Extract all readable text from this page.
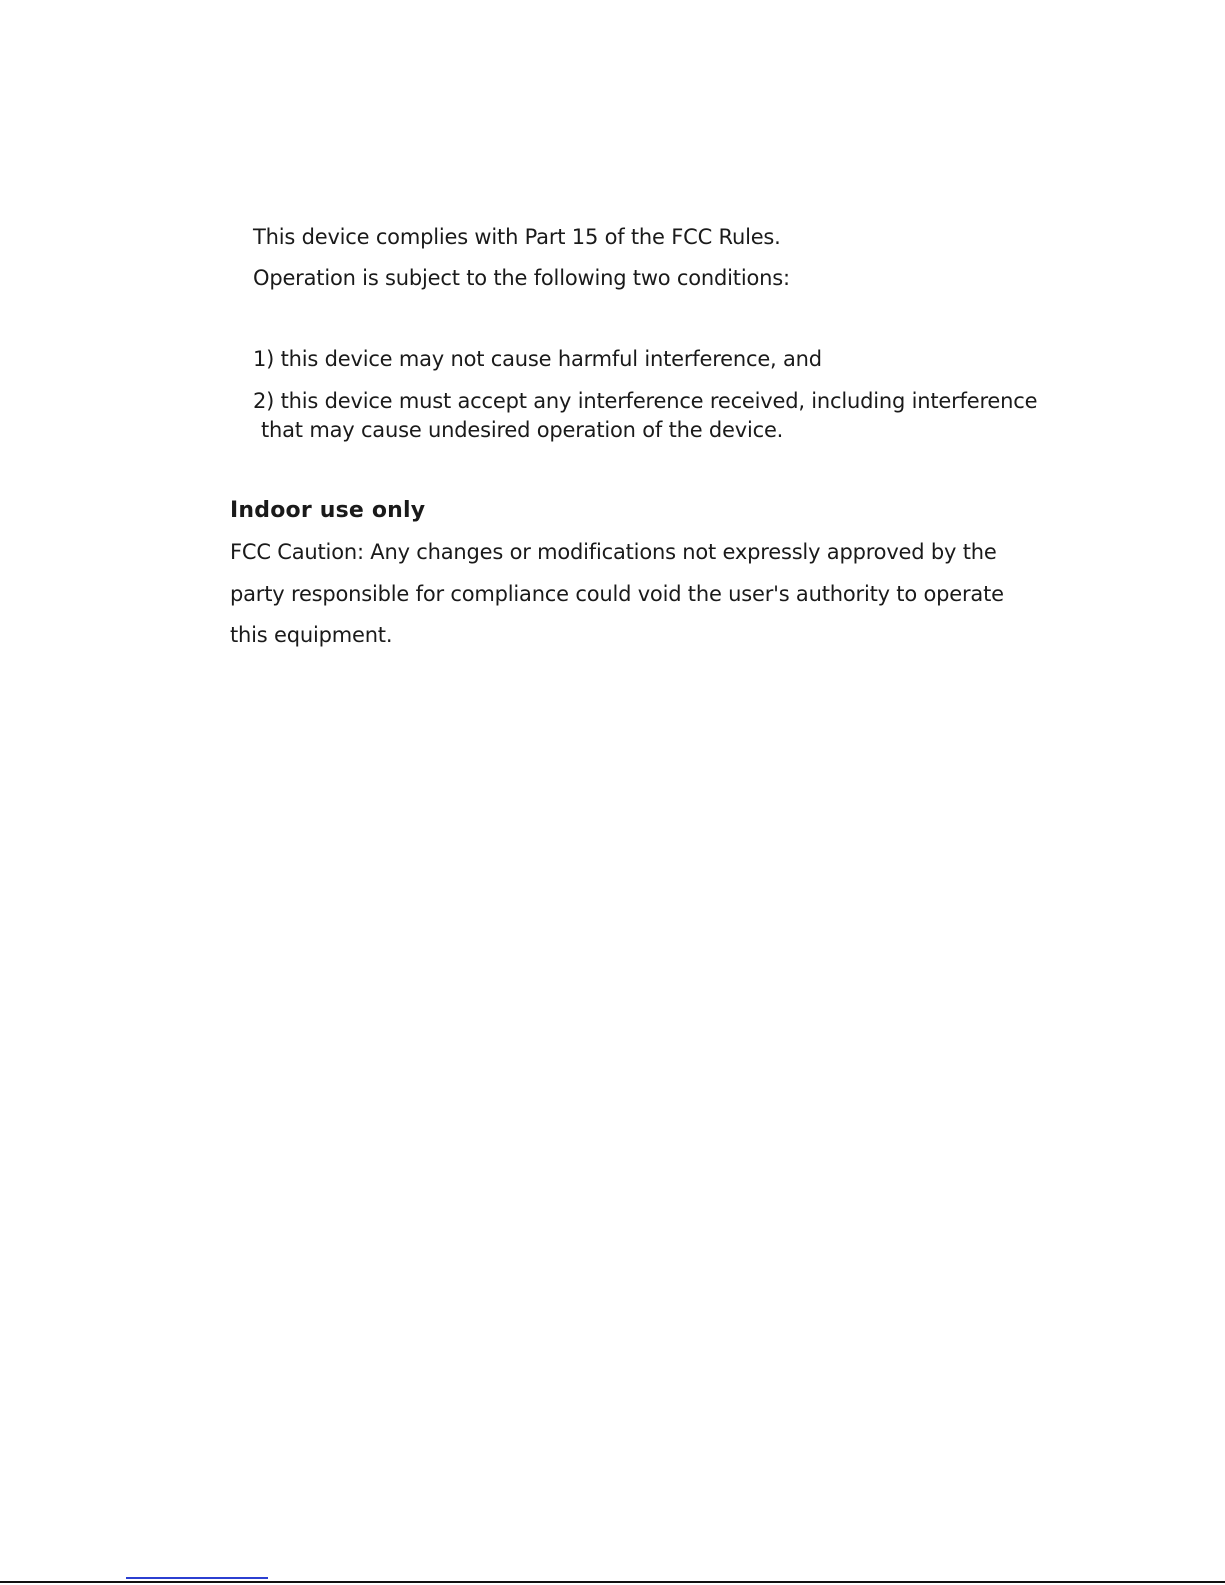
This device complies with Part 15 of the FCC Rules.
Operation is subject to the following two conditions:
1) this device may not cause harmful interference, and
2) this device must accept any interference received, including interference
that may cause undesired operation of the device.
Indoor use only
FCC Caution: Any changes or modifications not expressly approved by the
party responsible for compliance could void the user's authority to operate
this equipment.
